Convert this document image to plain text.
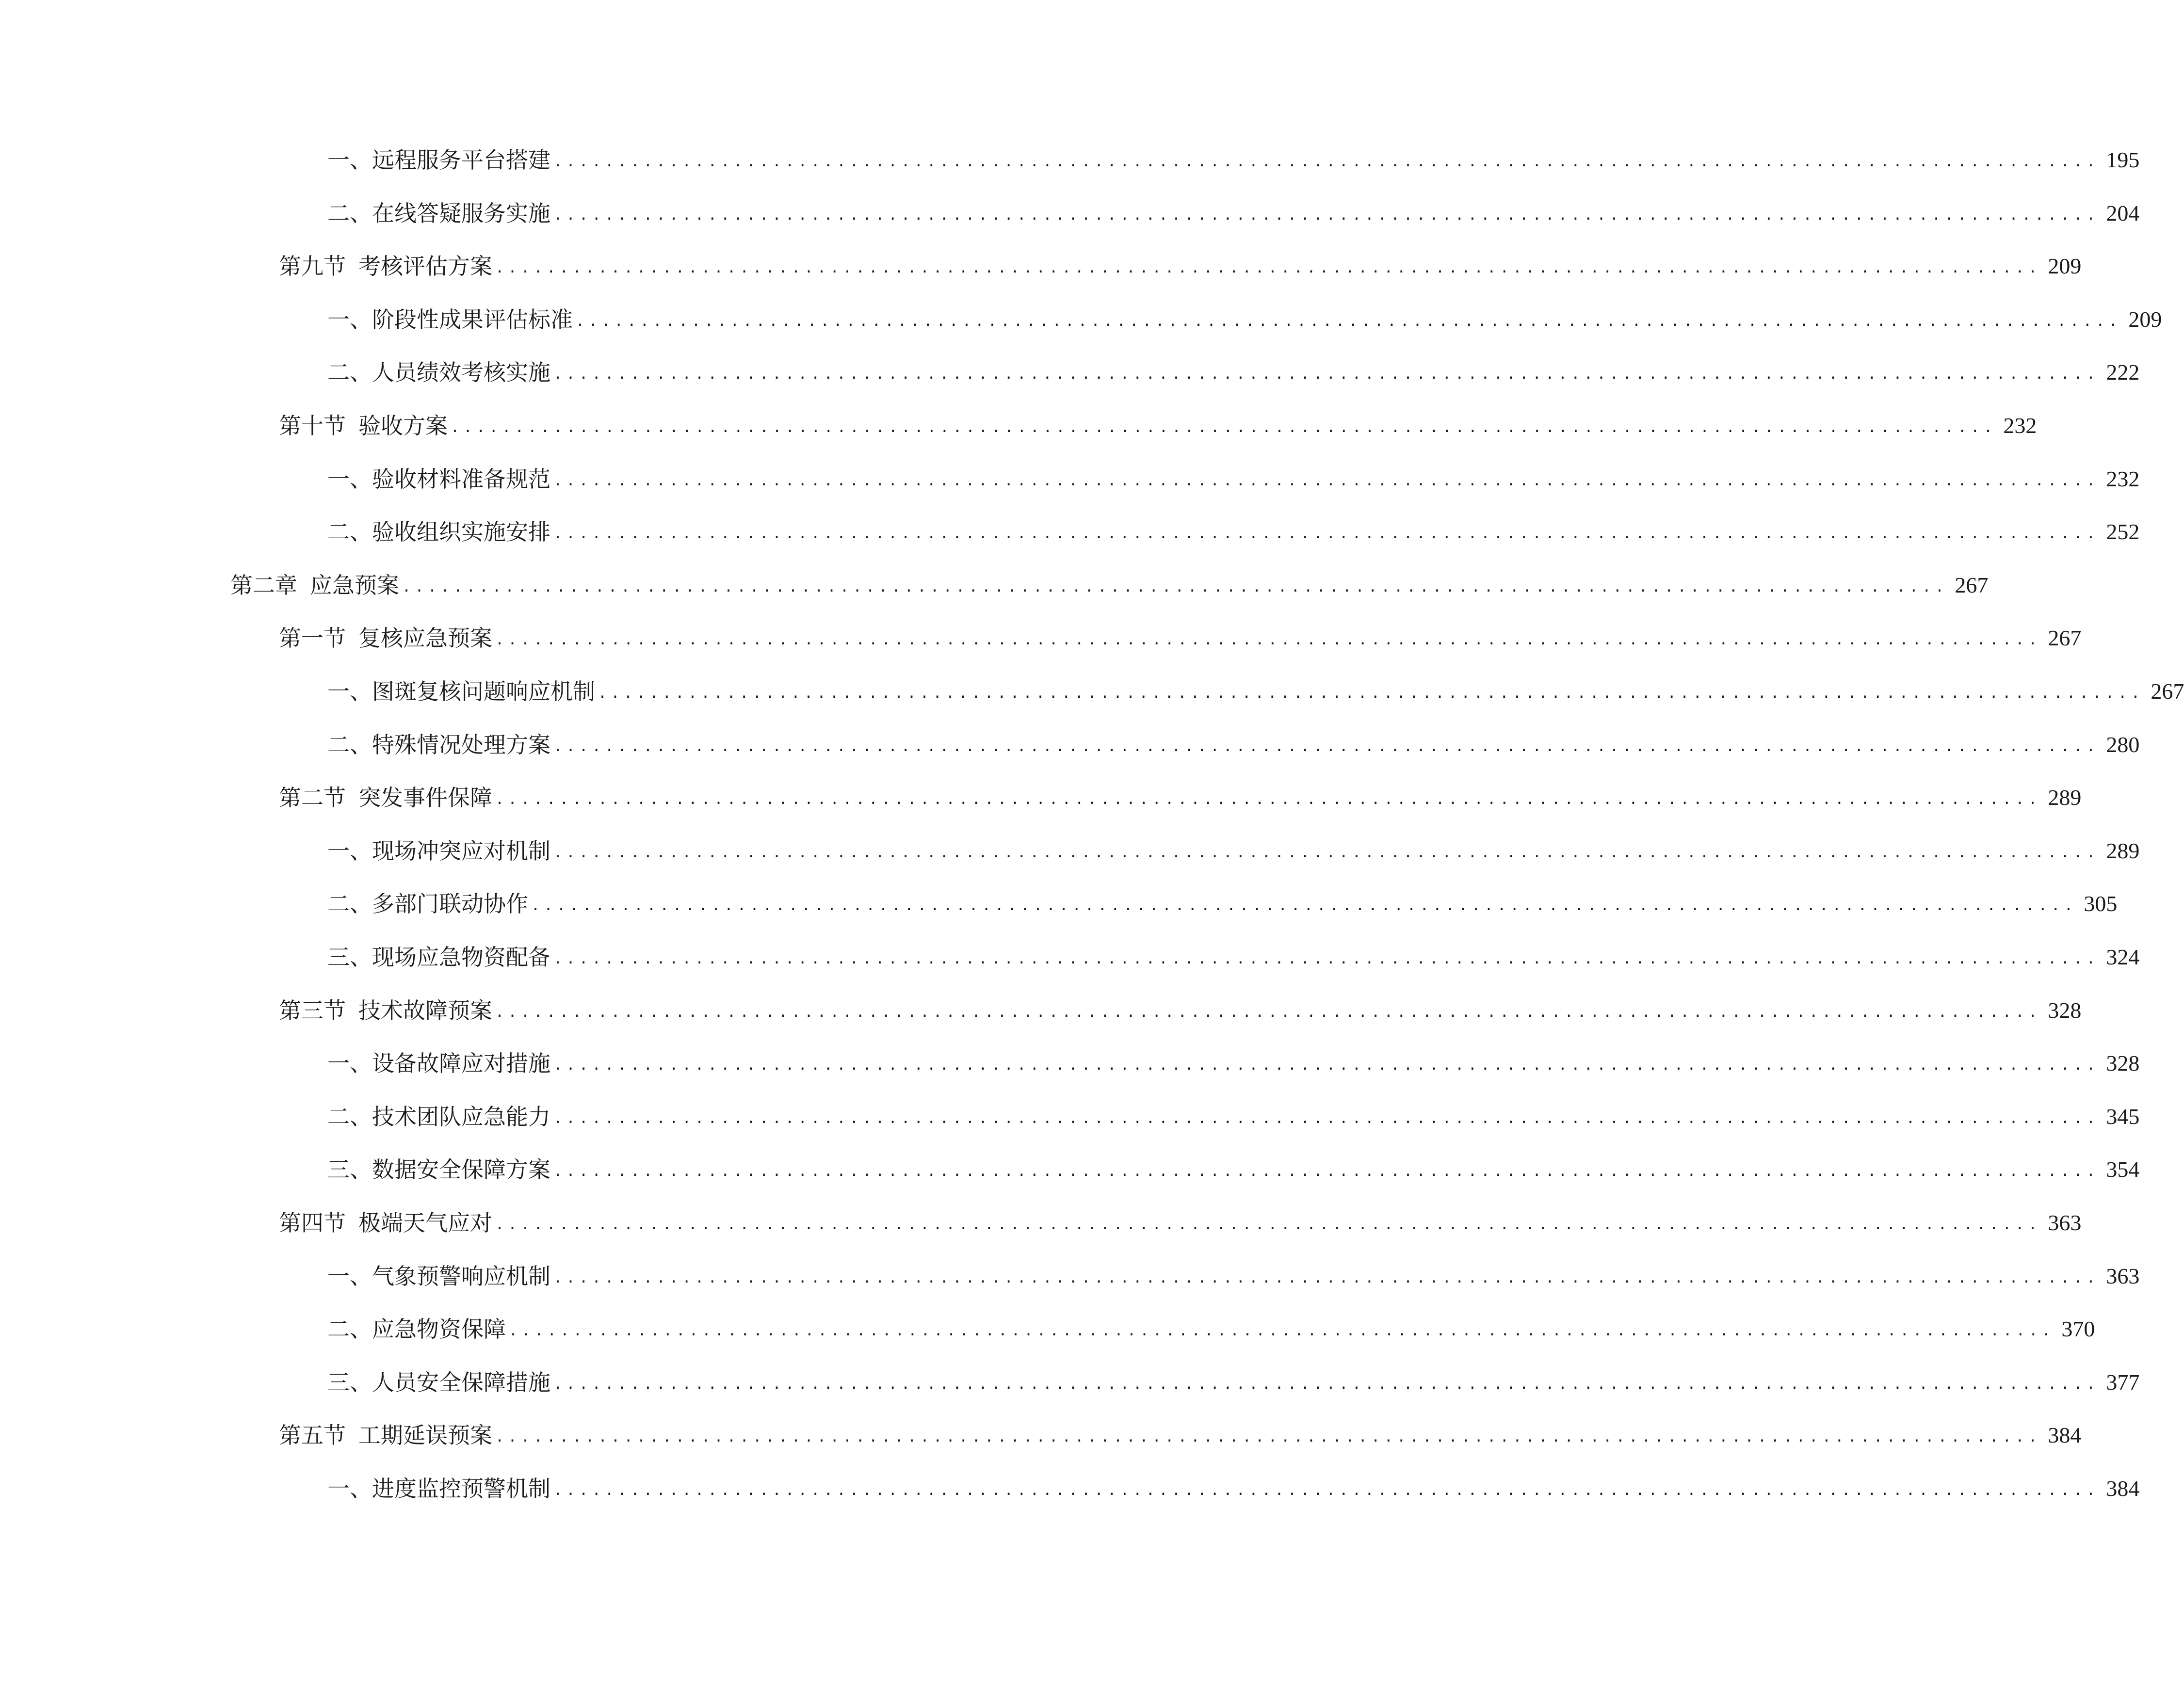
一、 远程服务平台搭建 ........................................................................................................................ 195
二、 在线答疑服务实施 ........................................................................................................................ 204
第九节 考核评估方案 ........................................................................................................................ 209
一、 阶段性成果评估标准 ........................................................................................................................ 209
二、 人员绩效考核实施 ........................................................................................................................ 222
第十节 验收方案 ........................................................................................................................ 232
一、 验收材料准备规范 ........................................................................................................................ 232
二、 验收组织实施安排 ........................................................................................................................ 252
第二章 应急预案 ........................................................................................................................ 267
第一节 复核应急预案 ........................................................................................................................ 267
一、 图斑复核问题响应机制 ........................................................................................................................ 267
二、 特殊情况处理方案 ........................................................................................................................ 280
第二节 突发事件保障 ........................................................................................................................ 289
一、 现场冲突应对机制 ........................................................................................................................ 289
二、 多部门联动协作 ........................................................................................................................ 305
三、 现场应急物资配备 ........................................................................................................................ 324
第三节 技术故障预案 ........................................................................................................................ 328
一、 设备故障应对措施 ........................................................................................................................ 328
二、 技术团队应急能力 ........................................................................................................................ 345
三、 数据安全保障方案 ........................................................................................................................ 354
第四节 极端天气应对 ........................................................................................................................ 363
一、 气象预警响应机制 ........................................................................................................................ 363
二、 应急物资保障 ........................................................................................................................ 370
三、 人员安全保障措施 ........................................................................................................................ 377
第五节 工期延误预案 ........................................................................................................................ 384
一、 进度监控预警机制 ........................................................................................................................ 384
